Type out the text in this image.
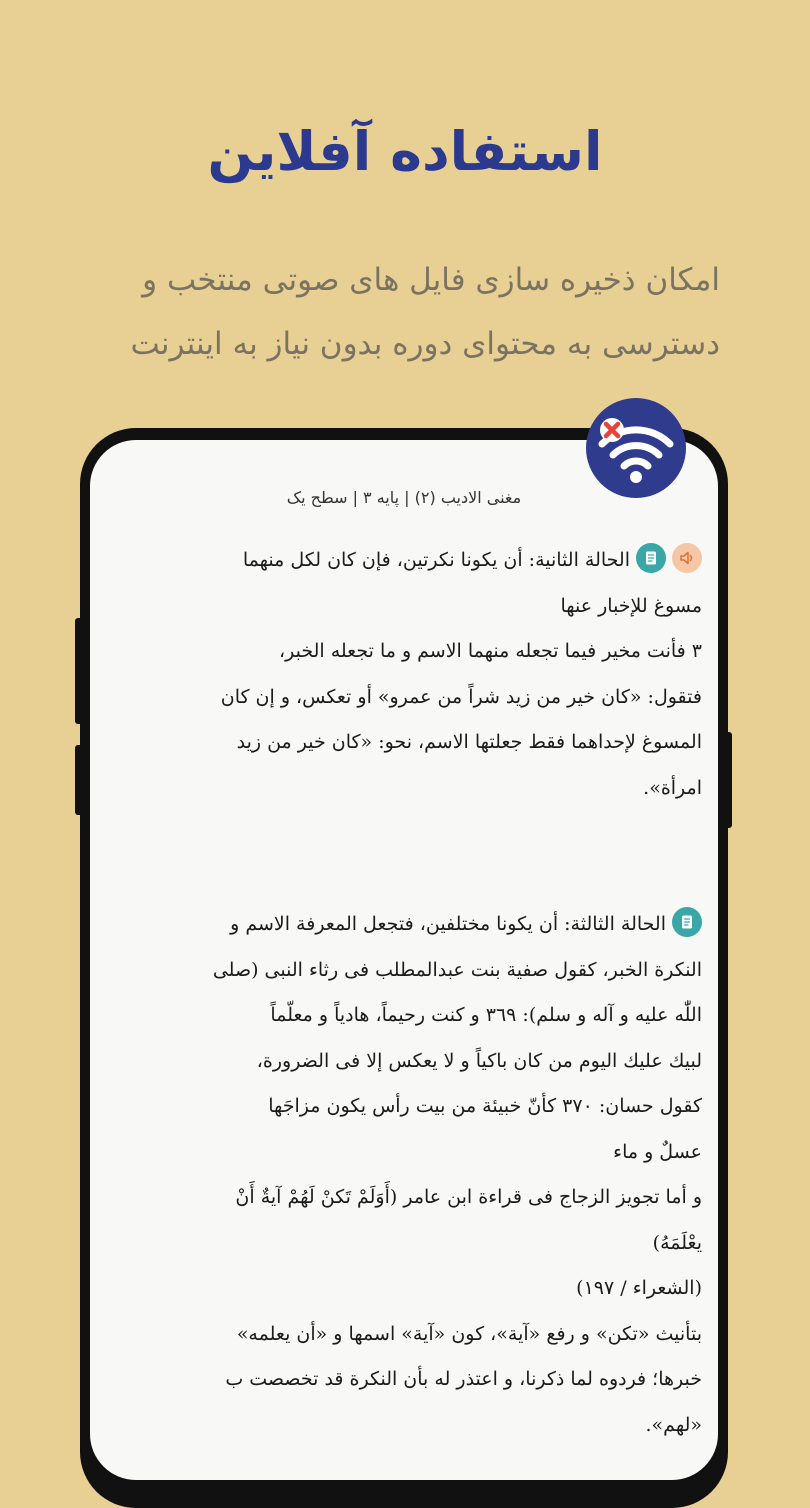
استفاده آفلاین
امکان ذخیره سازی فایل های صوتی منتخب و
دسترسی به محتوای دوره بدون نیاز به اینترنت
مغنی الادیب (۲) | پایه ۳ | سطح یک
الحالة الثانية: أن يكونا نكرتين، فإن كان لكل منهما
مسوغ للإخبار عنها
٣ فأنت مخير فيما تجعله منهما الاسم و ما تجعله الخبر،
فتقول: «كان خير من زيد شراً من عمرو» أو تعكس، و إن كان
المسوغ لإحداهما فقط جعلتها الاسم، نحو: «كان خير من زيد
امرأة».
الحالة الثالثة: أن يكونا مختلفين، فتجعل المعرفة الاسم و
النكرة الخبر، كقول صفية بنت عبدالمطلب فی رثاء النبی (صلی
اللّٰه عليه و آله و سلم): ٣٦٩ و كنت رحيماً، هادياً و معلّماً
لبيك عليك اليوم من كان باكياً و لا يعكس إلا فی الضرورة،
كقول حسان: ٣٧٠ كأنّ خبيئة من بيت رأس يكون مزاجَها
عسلٌ و ماء
و أما تجويز الزجاج فی قراءة ابن عامر (أَوَلَمْ تَكنْ لَهُمْ آيةٌ أَنْ
يعْلَمَهُ)
(الشعراء / ١٩٧)
بتأنيث «تكن» و رفع «آية»، كون «آية» اسمها و «أن يعلمه»
خبرها؛ فردوه لما ذكرنا، و اعتذر له بأن النكرة قد تخصصت ب
«لهم».
